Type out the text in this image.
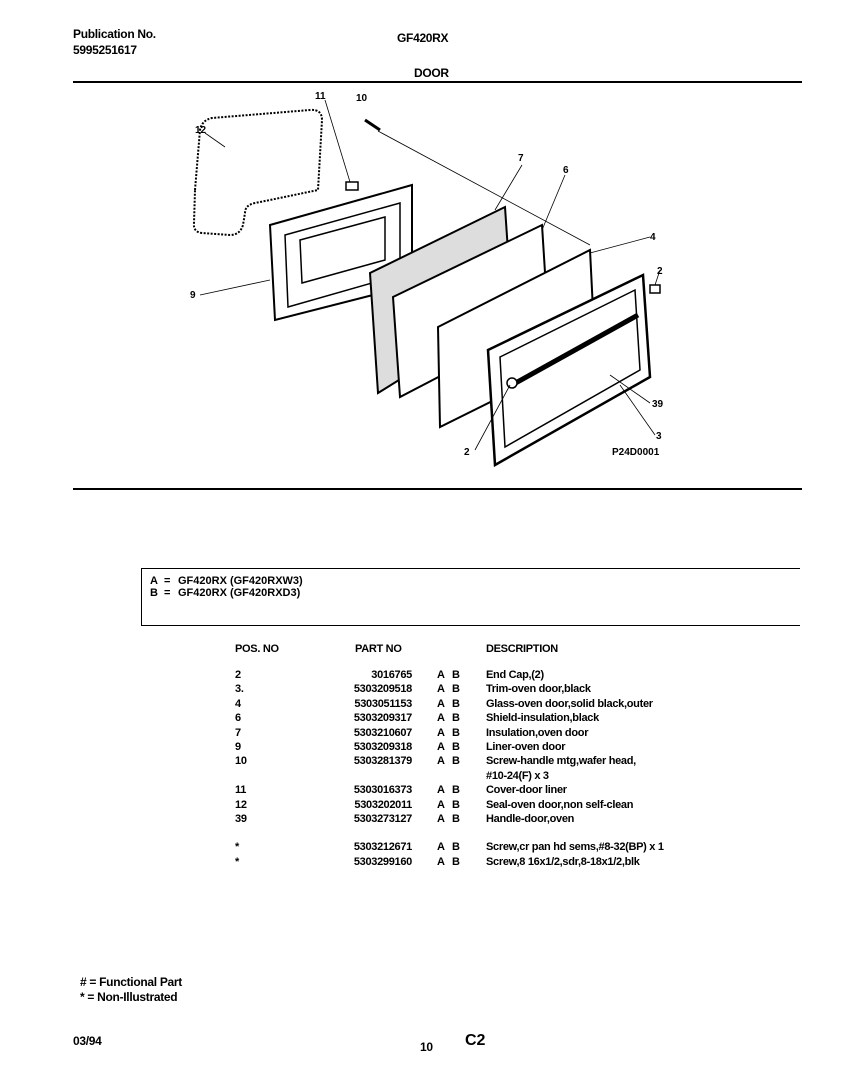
Publication No.
5995251617
GF420RX
DOOR
12
11	10
7
6
4
2
9
39
3
2	P24D0001
A = GF420RX (GF420RXW3)
B = GF420RX (GF420RXD3)
POS. NO	PART NO	DESCRIPTION
2	3016765 A B End Cap,(2)
3.	5303209518 A B Trim-oven door,black
4	5303051153 A B Glass-oven door,solid black,outer
6	5303209317 A B Shield-insulation,black
7	5303210607 A B Insulation,oven door
9	5303209318 A B Liner-oven door
10	5303281379 A B Screw-handle mtg,wafer head,
#10-24(F) x 3
11	5303016373 A B Cover-door liner
12	5303202011 A B Seal-oven door,non self-clean
39	5303273127 A B Handle-door,oven
*	5303212671 A B Screw,cr pan hd sems,#8-32(BP) x 1
*	5303299160 A B Screw,8 16x1/2,sdr,8-18x1/2,blk
# = Functional Part
* = Non-Illustrated
03/94	10 C2
